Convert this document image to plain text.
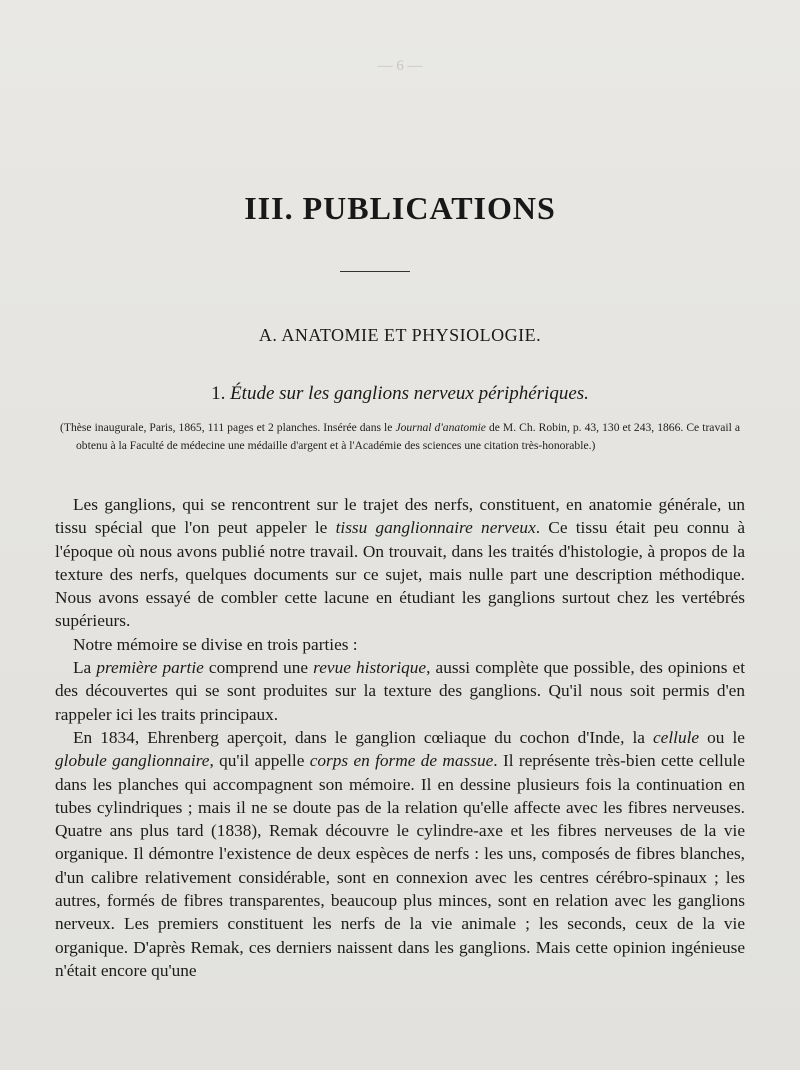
— 6 —
III. PUBLICATIONS
A. ANATOMIE ET PHYSIOLOGIE.
1. Étude sur les ganglions nerveux périphériques.
(Thèse inaugurale, Paris, 1865, 111 pages et 2 planches. Insérée dans le Journal d'anatomie de M. Ch. Robin, p. 43, 130 et 243, 1866. Ce travail a obtenu à la Faculté de médecine une médaille d'argent et à l'Académie des sciences une citation très-honorable.)

Les ganglions, qui se rencontrent sur le trajet des nerfs, constituent, en anatomie générale, un tissu spécial que l'on peut appeler le tissu ganglionnaire nerveux. Ce tissu était peu connu à l'époque où nous avons publié notre travail. On trouvait, dans les traités d'histologie, à propos de la texture des nerfs, quelques documents sur ce sujet, mais nulle part une description méthodique. Nous avons essayé de combler cette lacune en étudiant les ganglions surtout chez les vertébrés supérieurs.

Notre mémoire se divise en trois parties :

La première partie comprend une revue historique, aussi complète que possible, des opinions et des découvertes qui se sont produites sur la texture des ganglions. Qu'il nous soit permis d'en rappeler ici les traits principaux.

En 1834, Ehrenberg aperçoit, dans le ganglion cœliaque du cochon d'Inde, la cellule ou le globule ganglionnaire, qu'il appelle corps en forme de massue. Il représente très-bien cette cellule dans les planches qui accompagnent son mémoire. Il en dessine plusieurs fois la continuation en tubes cylindriques ; mais il ne se doute pas de la relation qu'elle affecte avec les fibres nerveuses. Quatre ans plus tard (1838), Remak découvre le cylindre-axe et les fibres nerveuses de la vie organique. Il démontre l'existence de deux espèces de nerfs : les uns, composés de fibres blanches, d'un calibre relativement considérable, sont en connexion avec les centres cérébro-spinaux ; les autres, formés de fibres transparentes, beaucoup plus minces, sont en relation avec les ganglions nerveux. Les premiers constituent les nerfs de la vie animale ; les seconds, ceux de la vie organique. D'après Remak, ces derniers naissent dans les ganglions. Mais cette opinion ingénieuse n'était encore qu'une
